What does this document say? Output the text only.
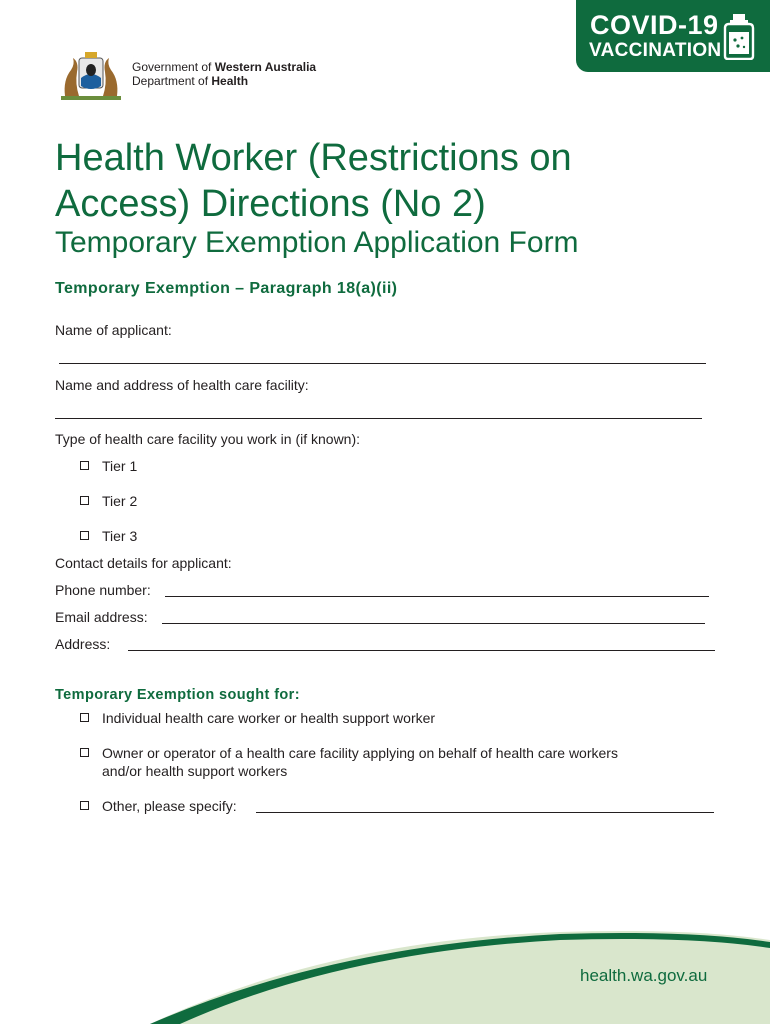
Government of Western Australia
Department of Health
COVID-19
VACCINATION
Health Worker (Restrictions on
Access) Directions (No 2)
Temporary Exemption Application Form
Temporary Exemption – Paragraph 18(a)(ii)
Name of applicant:
Name and address of health care facility:
Type of health care facility you work in (if known):
Tier 1
Tier 2
Tier 3
Contact details for applicant:
Phone number:
Email address:
Address:
Temporary Exemption sought for:
Individual health care worker or health support worker
Owner or operator of a health care facility applying on behalf of health care workers
and/or health support workers
Other, please specify:
health.wa.gov.au
